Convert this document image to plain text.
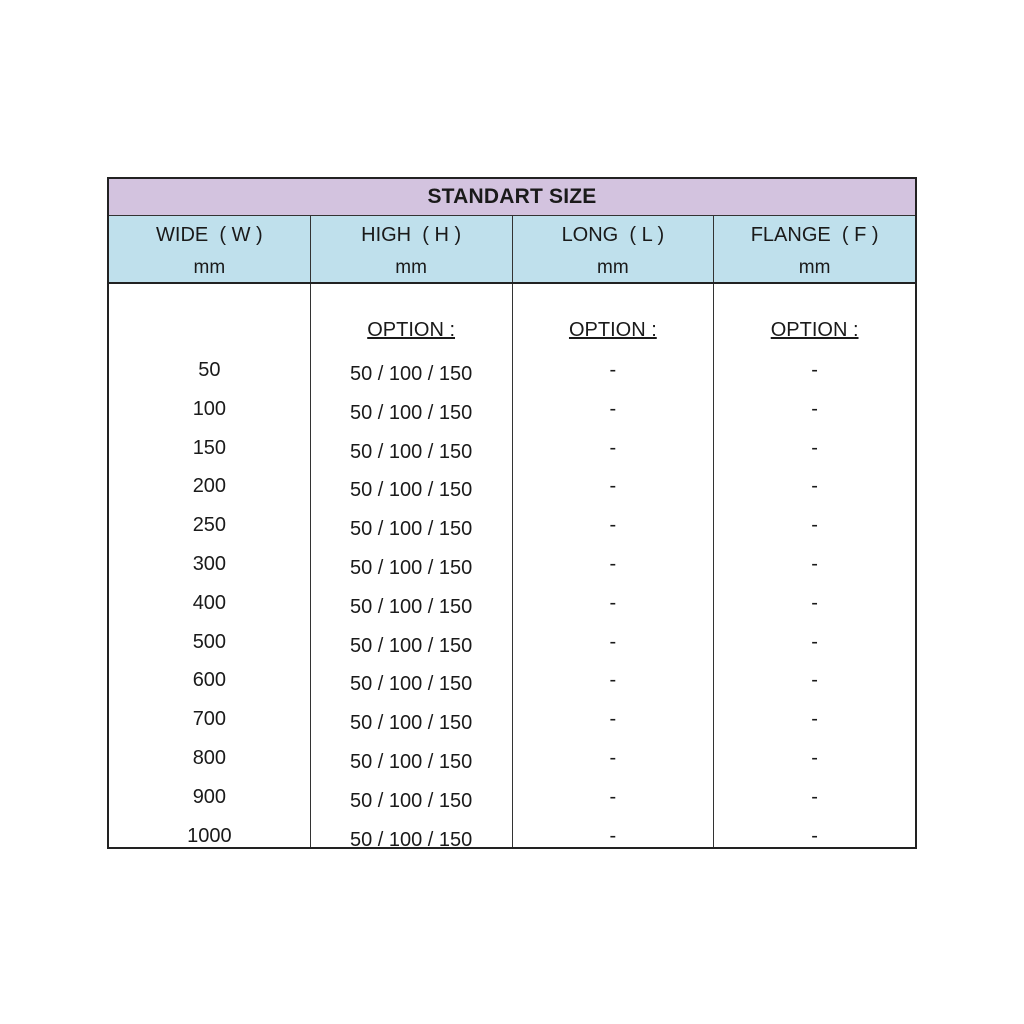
STANDART SIZE
WIDE  ( W )
mm
HIGH  ( H )
mm
LONG  ( L )
mm
FLANGE  ( F )
mm
50
100
150
200
250
300
400
500
600
700
800
900
1000
OPTION :
50 / 100 / 150
50 / 100 / 150
50 / 100 / 150
50 / 100 / 150
50 / 100 / 150
50 / 100 / 150
50 / 100 / 150
50 / 100 / 150
50 / 100 / 150
50 / 100 / 150
50 / 100 / 150
50 / 100 / 150
50 / 100 / 150
OPTION :
-
-
-
-
-
-
-
-
-
-
-
-
-
OPTION :
-
-
-
-
-
-
-
-
-
-
-
-
-
